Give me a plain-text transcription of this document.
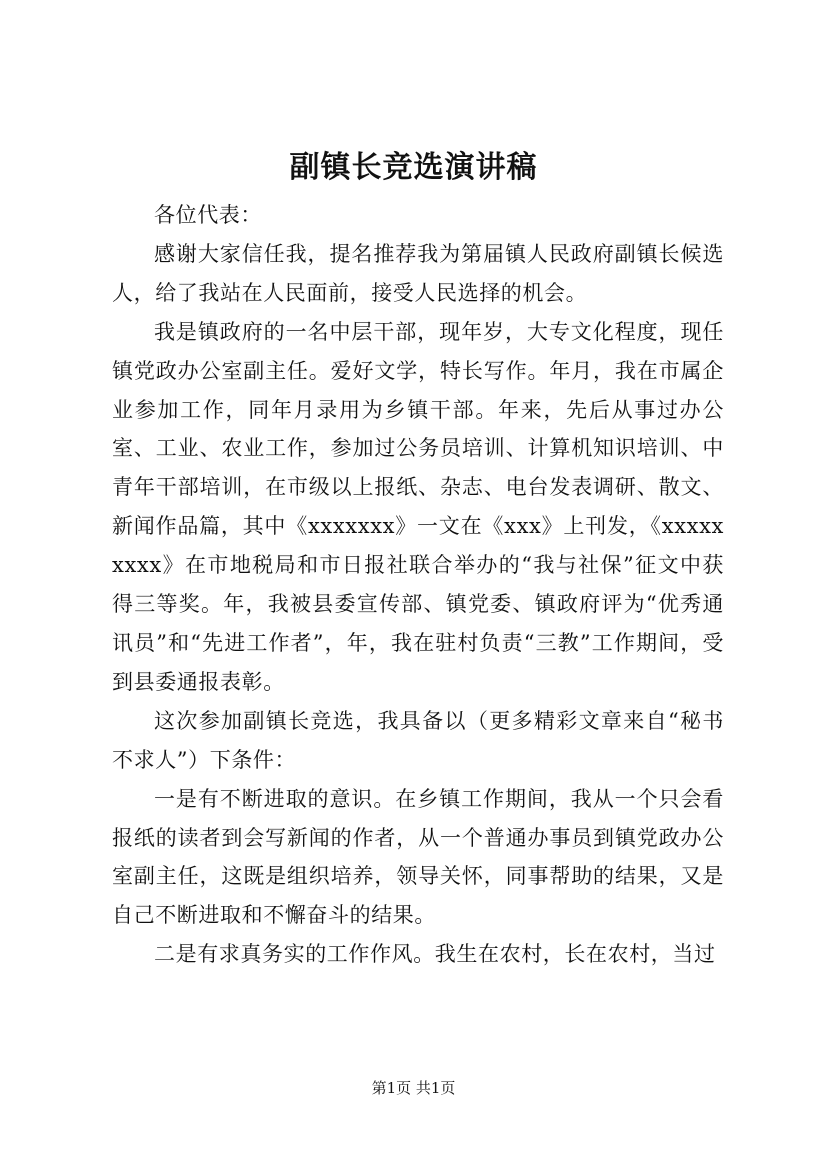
副镇长竞选演讲稿

各位代表：

感谢大家信任我，提名推荐我为第届镇人民政府副镇长候选人，给了我站在人民面前，接受人民选择的机会。

我是镇政府的一名中层干部，现年岁，大专文化程度，现任镇党政办公室副主任。爱好文学，特长写作。年月，我在市属企业参加工作，同年月录用为乡镇干部。年来，先后从事过办公室、工业、农业工作，参加过公务员培训、计算机知识培训、中青年干部培训，在市级以上报纸、杂志、电台发表调研、散文、新闻作品篇，其中《xxxxxxx》一文在《xxx》上刊发，《xxxxxxxxx》在市地税局和市日报社联合举办的“我与社保”征文中获得三等奖。年，我被县委宣传部、镇党委、镇政府评为“优秀通讯员”和“先进工作者”，年，我在驻村负责“三教”工作期间，受到县委通报表彰。

这次参加副镇长竞选，我具备以（更多精彩文章来自“秘书不求人”）下条件：

一是有不断进取的意识。在乡镇工作期间，我从一个只会看报纸的读者到会写新闻的作者，从一个普通办事员到镇党政办公室副主任，这既是组织培养，领导关怀，同事帮助的结果，又是自己不断进取和不懈奋斗的结果。

二是有求真务实的工作作风。我生在农村，长在农村，当过

第1页 共1页
